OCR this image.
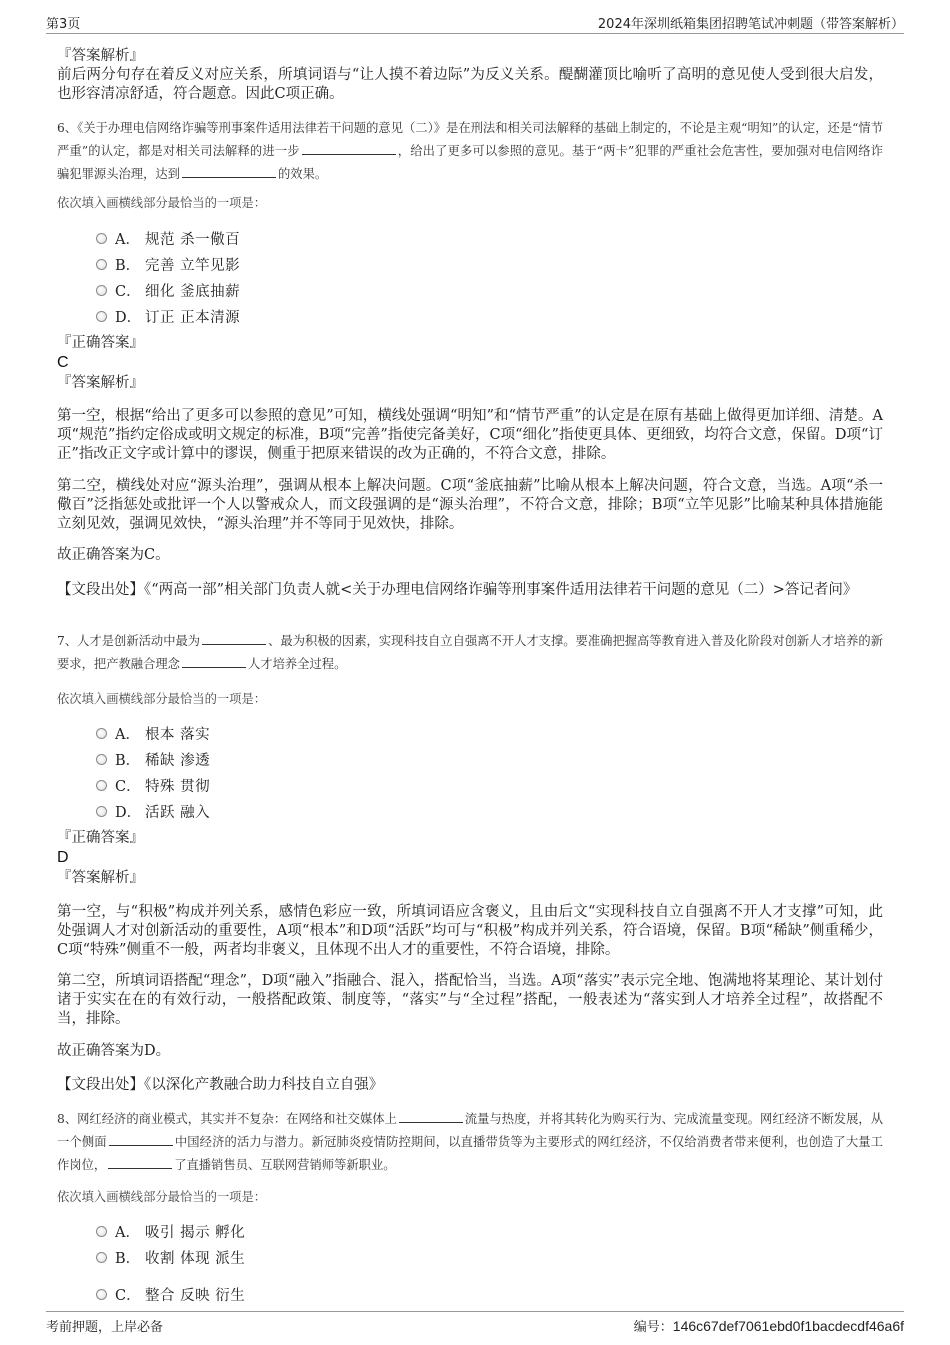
第3页	2024年深圳纸箱集团招聘笔试冲刺题（带答案解析）
『答案解析』
前后两分句存在着反义对应关系，所填词语与“让人摸不着边际”为反义关系。醍醐灌顶比喻听了高明的意见使人受到很大启发，也形容清凉舒适，符合题意。因此C项正确。
6、《关于办理电信网络诈骗等刑事案件适用法律若干问题的意见（二）》是在刑法和相关司法解释的基础上制定的，不论是主观“明知”的认定，还是“情节严重”的认定，都是对相关司法解释的进一步	，给出了更多可以参照的意见。基于“两卡”犯罪的严重社会危害性，要加强对电信网络诈骗犯罪源头治理，达到	的效果。
依次填入画横线部分最恰当的一项是：
A． 规范 杀一儆百
B． 完善 立竿见影
C． 细化 釜底抽薪
D． 订正 正本清源
『正确答案』
C
『答案解析』
第一空，根据“给出了更多可以参照的意见”可知，横线处强调“明知”和“情节严重”的认定是在原有基础上做得更加详细、清楚。A项“规范”指约定俗成或明文规定的标准，B项“完善”指使完备美好，C项“细化”指使更具体、更细致，均符合文意，保留。D项“订正”指改正文字或计算中的谬误，侧重于把原来错误的改为正确的，不符合文意，排除。
第二空，横线处对应“源头治理”，强调从根本上解决问题。C项“釜底抽薪”比喻从根本上解决问题，符合文意，当选。A项“杀一儆百”泛指惩处或批评一个人以警戒众人，而文段强调的是“源头治理”，不符合文意，排除；B项“立竿见影”比喻某种具体措施能立刻见效，强调见效快，“源头治理”并不等同于见效快，排除。
故正确答案为C。
【文段出处】《“两高一部”相关部门负责人就<关于办理电信网络诈骗等刑事案件适用法律若干问题的意见（二）>答记者问》
7、人才是创新活动中最为	、最为积极的因素，实现科技自立自强离不开人才支撑。要准确把握高等教育进入普及化阶段对创新人才培养的新要求，把产教融合理念	人才培养全过程。
依次填入画横线部分最恰当的一项是：
A． 根本 落实
B． 稀缺 渗透
C． 特殊 贯彻
D． 活跃 融入
『正确答案』
D
『答案解析』
第一空，与“积极”构成并列关系，感情色彩应一致，所填词语应含褒义，且由后文“实现科技自立自强离不开人才支撑”可知，此处强调人才对创新活动的重要性，A项“根本”和D项“活跃”均可与“积极”构成并列关系，符合语境，保留。B项“稀缺”侧重稀少，C项“特殊”侧重不一般，两者均非褒义，且体现不出人才的重要性，不符合语境，排除。
第二空，所填词语搭配“理念”，D项“融入”指融合、混入，搭配恰当，当选。A项“落实”表示完全地、饱满地将某理论、某计划付诸于实实在在的有效行动，一般搭配政策、制度等，“落实”与“全过程”搭配，一般表述为“落实到人才培养全过程”，故搭配不当，排除。
故正确答案为D。
【文段出处】《以深化产教融合助力科技自立自强》
8、网红经济的商业模式，其实并不复杂：在网络和社交媒体上	流量与热度，并将其转化为购买行为、完成流量变现。网红经济不断发展，从一个侧面	中国经济的活力与潜力。新冠肺炎疫情防控期间，以直播带货等为主要形式的网红经济，不仅给消费者带来便利，也创造了大量工作岗位，	了直播销售员、互联网营销师等新职业。
依次填入画横线部分最恰当的一项是：
A． 吸引 揭示 孵化
B． 收割 体现 派生
C． 整合 反映 衍生
考前押题，上岸必备	编号：146c67def7061ebd0f1bacdecdf46a6f
